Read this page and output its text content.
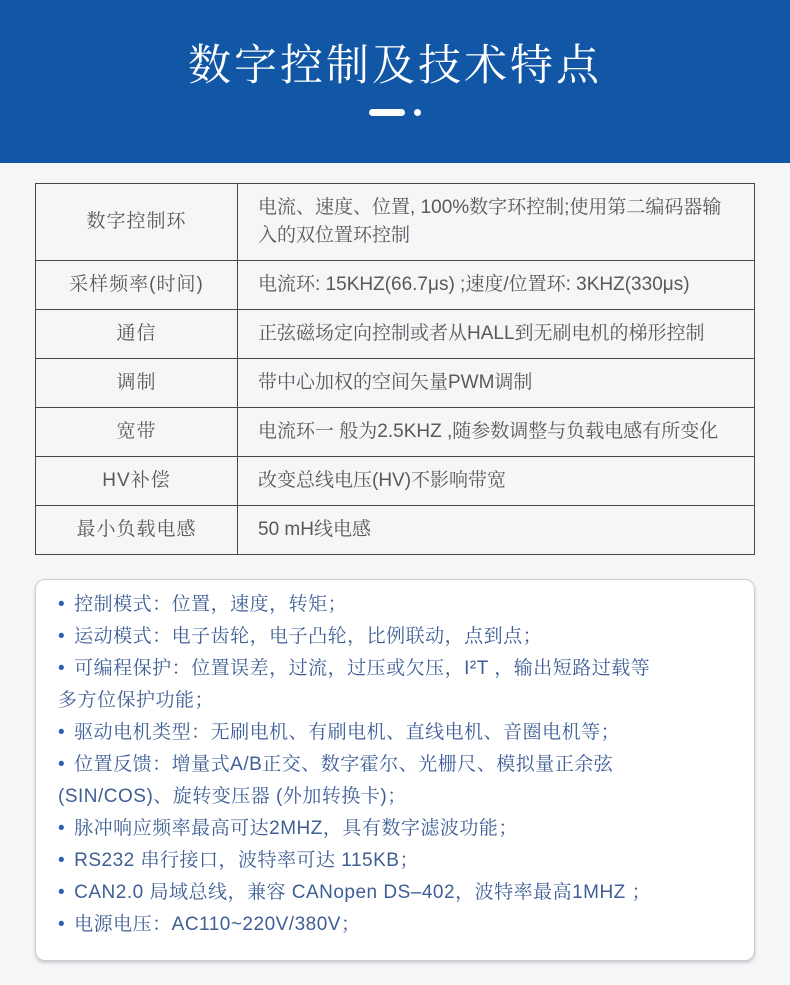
数字控制及技术特点
数字控制环	电流、速度、位置, 100%数字环控制;使用第二编码器输入的双位置环控制
采样频率(时间)	电流环: 15KHZ(66.7μs) ;速度/位置环: 3KHZ(330μs)
通信	正弦磁场定向控制或者从HALL到无刷电机的梯形控制
调制	带中心加权的空间矢量PWM调制
宽带	电流环一 般为2.5KHZ ,随参数调整与负载电感有所变化
HV补偿	改变总线电压(HV)不影响带宽
最小负载电感	50 mH线电感

• 控制模式：位置，速度，转矩；

• 运动模式：电子齿轮，电子凸轮，比例联动，点到点；

• 可编程保护：位置误差，过流，过压或欠压，I²T ，输出短路过载等

多方位保护功能；

• 驱动电机类型：无刷电机、有刷电机、直线电机、音圈电机等；

• 位置反馈：增量式A/B正交、数字霍尔、光栅尺、模拟量正余弦

(SIN/COS)、旋转变压器 (外加转换卡)；

• 脉冲响应频率最高可达2MHZ，具有数字滤波功能；

• RS232 串行接口，波特率可达 115KB；

• CAN2.0 局域总线，兼容 CANopen DS–402，波特率最高1MHZ ；

• 电源电压：AC110~220V/380V；
